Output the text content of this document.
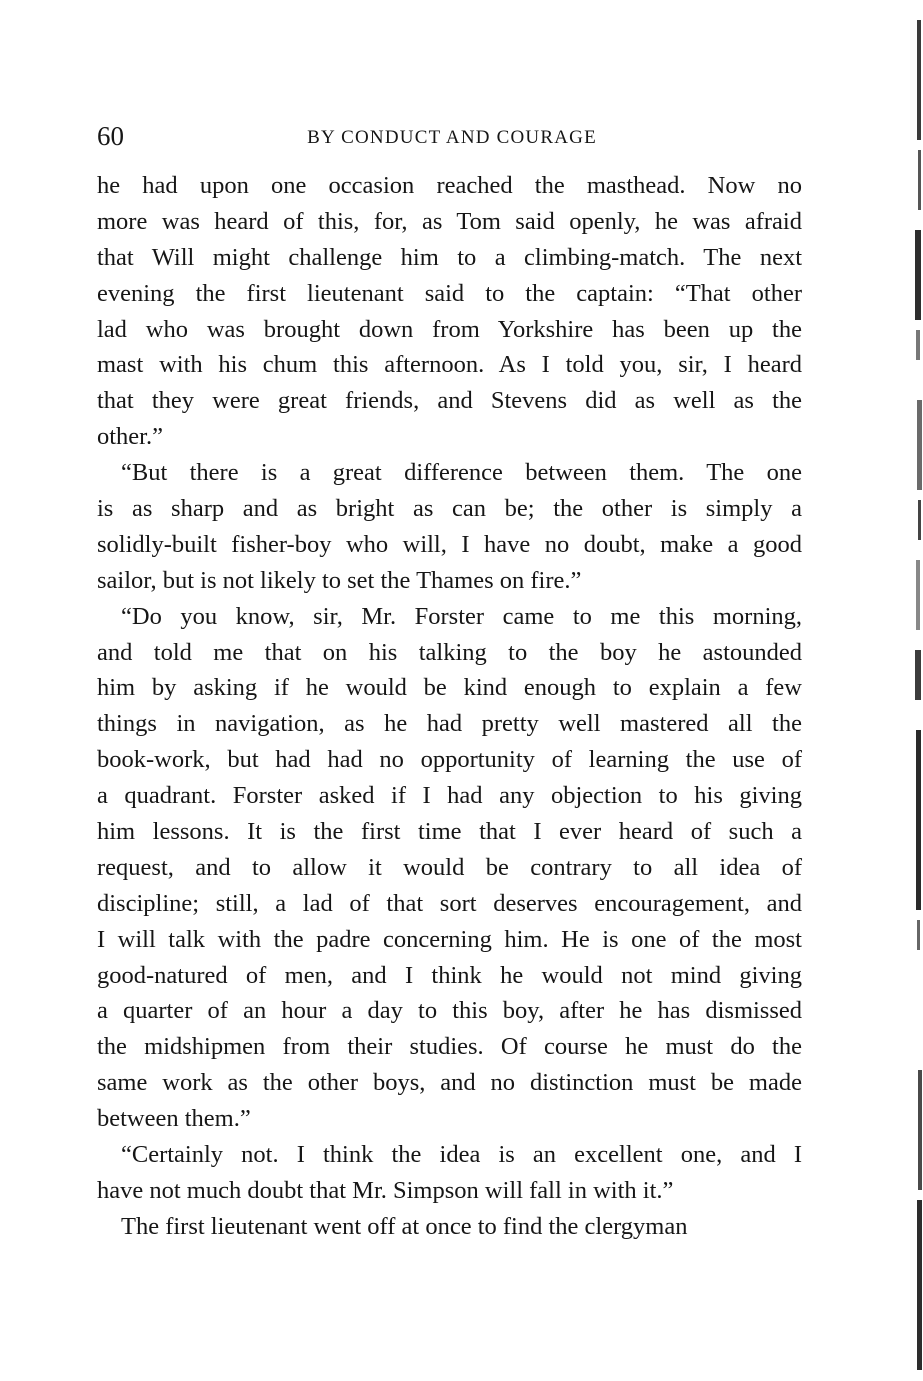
60	BY CONDUCT AND COURAGE
he had upon one occasion reached the masthead. Now no
more was heard of this, for, as Tom said openly, he was afraid
that Will might challenge him to a climbing-match. The next
evening the first lieutenant said to the captain: “That other
lad who was brought down from Yorkshire has been up the
mast with his chum this afternoon. As I told you, sir, I heard
that they were great friends, and Stevens did as well as the
other.”
“But there is a great difference between them. The one
is as sharp and as bright as can be; the other is simply a
solidly-built fisher-boy who will, I have no doubt, make a good
sailor, but is not likely to set the Thames on fire.”
“Do you know, sir, Mr. Forster came to me this morning,
and told me that on his talking to the boy he astounded
him by asking if he would be kind enough to explain a few
things in navigation, as he had pretty well mastered all the
book-work, but had had no opportunity of learning the use of
a quadrant. Forster asked if I had any objection to his giving
him lessons. It is the first time that I ever heard of such a
request, and to allow it would be contrary to all idea of
discipline; still, a lad of that sort deserves encouragement, and
I will talk with the padre concerning him. He is one of the most
good-natured of men, and I think he would not mind giving
a quarter of an hour a day to this boy, after he has dismissed
the midshipmen from their studies. Of course he must do the
same work as the other boys, and no distinction must be made
between them.”
“Certainly not. I think the idea is an excellent one, and I
have not much doubt that Mr. Simpson will fall in with it.”
The first lieutenant went off at once to find the clergyman
